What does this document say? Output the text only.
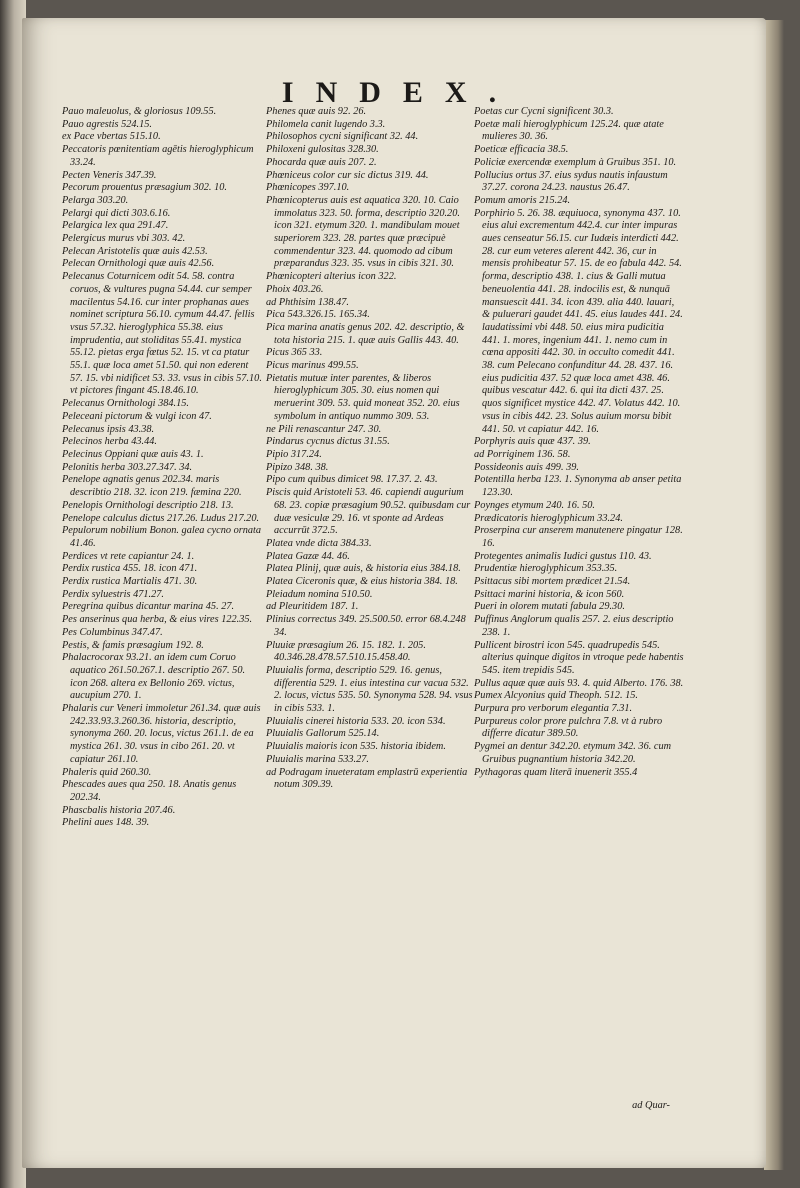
INDEX.

Pauo maleuolus, & gloriosus 109.55.

Pauo agrestis 524.15.

ex Pace vbertas 515.10.

Peccatoris pœnitentiam agētis hieroglyphicum 33.24.

Pecten Veneris 347.39.

Pecorum prouentus præsagium 302. 10.

Pelarga 303.20.

Pelargi qui dicti 303.6.16.

Pelargica lex qua 291.47.

Pelergicus murus vbi 303. 42.

Pelecan Aristotelis quæ auis 42.53.

Pelecan Ornithologi quæ auis 42.56.

Pelecanus Coturnicem odit 54. 58. contra coruos, & vultures pugna 54.44. cur semper macilentus 54.16. cur inter prophanas aues nominet scriptura 56.10. cymum 44.47. fellis vsus 57.32. hieroglyphica 55.38. eius imprudentia, aut stoliditas 55.41. mystica 55.12. pietas erga fœtus 52. 15. vt ca ptatur 55.1. quæ loca amet 51.50. qui non ederent 57. 15. vbi nidificet 53. 33. vsus in cibis 57.10. vt pictores fingant 45.18.46.10.

Pelecanus Ornithologi 384.15.

Peleceani pictorum & vulgi icon 47.

Pelecanus ipsis 43.38.

Pelecinos herba 43.44.

Pelecinus Oppiani quæ auis 43. 1.

Pelonitis herba 303.27.347. 34.

Penelope agnatis genus 202.34. maris describtio 218. 32. icon 219. fæmina 220.

Penelopis Ornithologi descriptio 218. 13.

Penelope calculus dictus 217.26. Ludus 217.20.

Pepulorum nobilium Bonon. galea cycno ornata 41.46.

Perdices vt rete capiantur 24. 1.

Perdix rustica 455. 18. icon 471.

Perdix rustica Martialis 471. 30.

Perdix syluestris 471.27.

Peregrina quibus dicantur marina 45. 27.

Pes anserinus qua herba, & eius vires 122.35.

Pes Columbinus 347.47.

Pestis, & famis præsagium 192. 8.

Phalacrocorax 93.21. an idem cum Coruo aquatico 261.50.267.1. descriptio 267. 50. icon 268. altera ex Bellonio 269. victus, aucupium 270. 1.

Phalaris cur Veneri immoletur 261.34. quæ auis 242.33.93.3.260.36. historia, descriptio, synonyma 260. 20. locus, victus 261.1. de ea mystica 261. 30. vsus in cibo 261. 20. vt capiatur 261.10.

Phaleris quid 260.30.

Phescades aues qua 250. 18. Anatis genus 202.34.

Phascbalis historia 207.46.

Phelini aues 148. 39.

Phenes quæ auis 92. 26.

Philomela canit lugendo 3.3.

Philosophos cycni significant 32. 44.

Philoxeni gulositas 328.30.

Phocarda quæ auis 207. 2.

Phœniceus color cur sic dictus 319. 44.

Phœnicopes 397.10.

Phœnicopterus auis est aquatica 320. 10. Caio immolatus 323. 50. forma, descriptio 320.20. icon 321. etymum 320. 1. mandibulam mouet superiorem 323. 28. partes quæ præcipuè commendentur 323. 44. quomodo ad cibum præparandus 323. 35. vsus in cibis 321. 30.

Phœnicopteri alterius icon 322.

Phoix 403.26.

ad Phthisim 138.47.

Pica 543.326.15. 165.34.

Pica marina anatis genus 202. 42. descriptio, & tota historia 215. 1. quæ auis Gallis 443. 40.

Picus 365 33.

Picus marinus 499.55.

Pietatis mutuæ inter parentes, & liberos hieroglyphicum 305. 30. eius nomen qui meruerint 309. 53. quid moneat 352. 20. eius symbolum in antiquo nummo 309. 53.

ne Pili renascantur 247. 30.

Pindarus cycnus dictus 31.55.

Pipio 317.24.

Pipizo 348. 38.

Pipo cum quibus dimicet 98. 17.37. 2. 43.

Piscis quid Aristoteli 53. 46. capiendi augurium 68. 23. copiæ præsagium 90.52. quibusdam cur duæ vesiculæ 29. 16. vt sponte ad Ardeas accurrūt 372.5.

Platea vnde dicta 384.33.

Platea Gazæ 44. 46.

Platea Plinij, quæ auis, & historia eius 384.18.

Platea Ciceronis quæ, & eius historia 384. 18.

Pleiadum nomina 510.50.

ad Pleuritidem 187. 1.

Plinius correctus 349. 25.500.50. error 68.4.248 34.

Pluuiæ præsagium 26. 15. 182. 1. 205. 40.346.28.478.57.510.15.458.40.

Pluuialis forma, descriptio 529. 16. genus, differentia 529. 1. eius intestina cur vacua 532. 2. locus, victus 535. 50. Synonyma 528. 94. vsus in cibis 533. 1.

Pluuialis cinerei historia 533. 20. icon 534.

Pluuialis Gallorum 525.14.

Pluuialis maioris icon 535. historia ibidem.

Pluuialis marina 533.27.

ad Podragam inueteratam emplastrū experientia notum 309.39.

Poetas cur Cycni significent 30.3.

Poetæ mali hieroglyphicum 125.24. quæ atate mulieres 30. 36.

Poeticæ efficacia 38.5.

Policiæ exercendæ exemplum à Gruibus 351. 10.

Pollucius ortus 37. eius sydus nautis infaustum 37.27. corona 24.23. naustus 26.47.

Pomum amoris 215.24.

Porphirio 5. 26. 38. æquiuoca, synonyma 437. 10. eius alui excrementum 442.4. cur inter impuras aues censeatur 56.15. cur Iudæis interdicti 442. 28. cur eum veteres alerent 442. 36, cur in mensis prohibeatur 57. 15. de eo fabula 442. 54. forma, descriptio 438. 1. cius & Galli mutua beneuolentia 441. 28. indocilis est, & nunquā mansuescit 441. 34. icon 439. alia 440. lauari, & puluerari gaudet 441. 45. eius laudes 441. 24. laudatissimi vbi 448. 50. eius mira pudicitia 441. 1. mores, ingenium 441. 1. nemo cum in cœna appositi 442. 30. in occulto comedit 441. 38. cum Pelecano confunditur 44. 28. 437. 16. eius pudicitia 437. 52 quæ loca amet 438. 46. quibus vescatur 442. 6. qui ita dicti 437. 25. quos significet mystice 442. 47. Volatus 442. 10. vsus in cibis 442. 23. Solus auium morsu bibit 441. 50. vt capiatur 442. 16.

Porphyris auis quæ 437. 39.

ad Porriginem 136. 58.

Possideonis auis 499. 39.

Potentilla herba 123. 1. Synonyma ab anser petita 123.30.

Poynges etymum 240. 16. 50.

Prædicatoris hieroglyphicum 33.24.

Proserpina cur anserem manutenere pingatur 128. 16.

Protegentes animalis Iudici gustus 110. 43.

Prudentiæ hieroglyphicum 353.35.

Psittacus sibi mortem prædicet 21.54.

Psittaci marini historia, & icon 560.

Pueri in olorem mutati fabula 29.30.

Puffinus Anglorum qualis 257. 2. eius descriptio 238. 1.

Pullicent birostri icon 545. quadrupedis 545. alterius quinque digitos in vtroque pede habentis 545. item trepidis 545.

Pullus aquæ quæ auis 93. 4. quid Alberto. 176. 38.

Pumex Alcyonius quid Theoph. 512. 15.

Purpura pro verborum elegantia 7.31.

Purpureus color prore pulchra 7.8. vt à rubro differre dicatur 389.50.

Pygmei an dentur 342.20. etymum 342. 36. cum Gruibus pugnantium historia 342.20.

Pythagoras quam literā inuenerit 355.4

ad Quar-
